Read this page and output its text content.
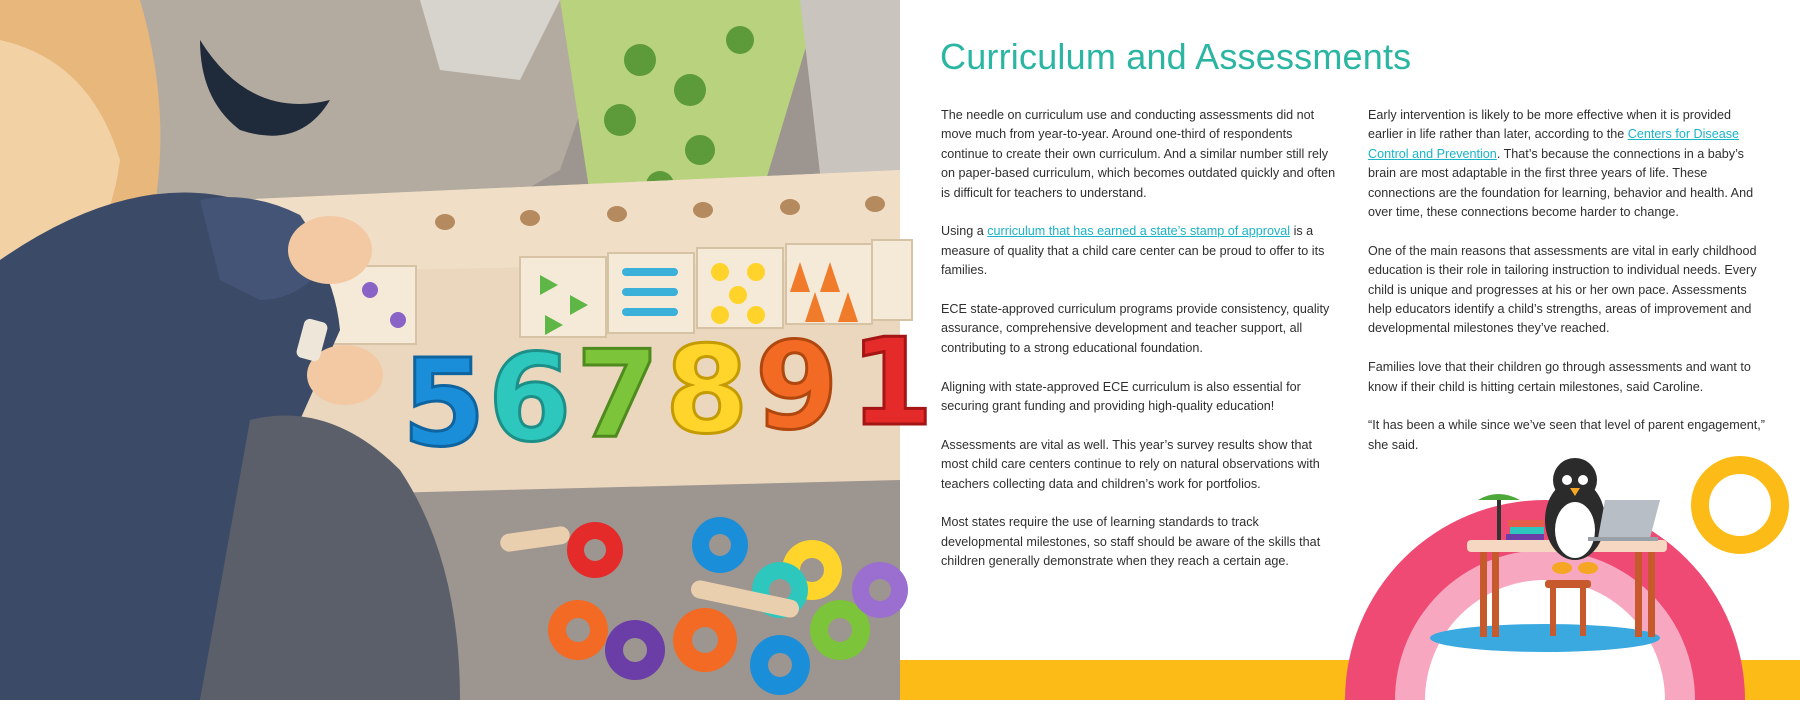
5 6 7 8 9 1
Curriculum and Assessments

The needle on curriculum use and conducting assessments did not move much from year-to-year. Around one-third of respondents continue to create their own curriculum. And a similar number still rely on paper-based curriculum, which becomes outdated quickly and often is difficult for teachers to understand.

Using a curriculum that has earned a state’s stamp of approval is a measure of quality that a child care center can be proud to offer to its families.

ECE state-approved curriculum programs provide consistency, quality assurance, comprehensive development and teacher support, all contributing to a strong educational foundation.

Aligning with state-approved ECE curriculum is also essential for securing grant funding and providing high-quality education!

Assessments are vital as well. This year’s survey results show that most child care centers continue to rely on natural observations with teachers collecting data and children’s work for portfolios.

Most states require the use of learning standards to track developmental milestones, so staff should be aware of the skills that children generally demonstrate when they reach a certain age.

Early intervention is likely to be more effective when it is provided earlier in life rather than later, according to the Centers for Disease Control and Prevention. That’s because the connections in a baby’s brain are most adaptable in the first three years of life. These connections are the foundation for learning, behavior and health. And over time, these connections become harder to change.

One of the main reasons that assessments are vital in early childhood education is their role in tailoring instruction to individual needs. Every child is unique and progresses at his or her own pace. Assessments help educators identify a child’s strengths, areas of improvement and developmental milestones they’ve reached.

Families love that their children go through assessments and want to know if their child is hitting certain milestones, said Caroline.

“It has been a while since we’ve seen that level of parent engagement,” she said.
